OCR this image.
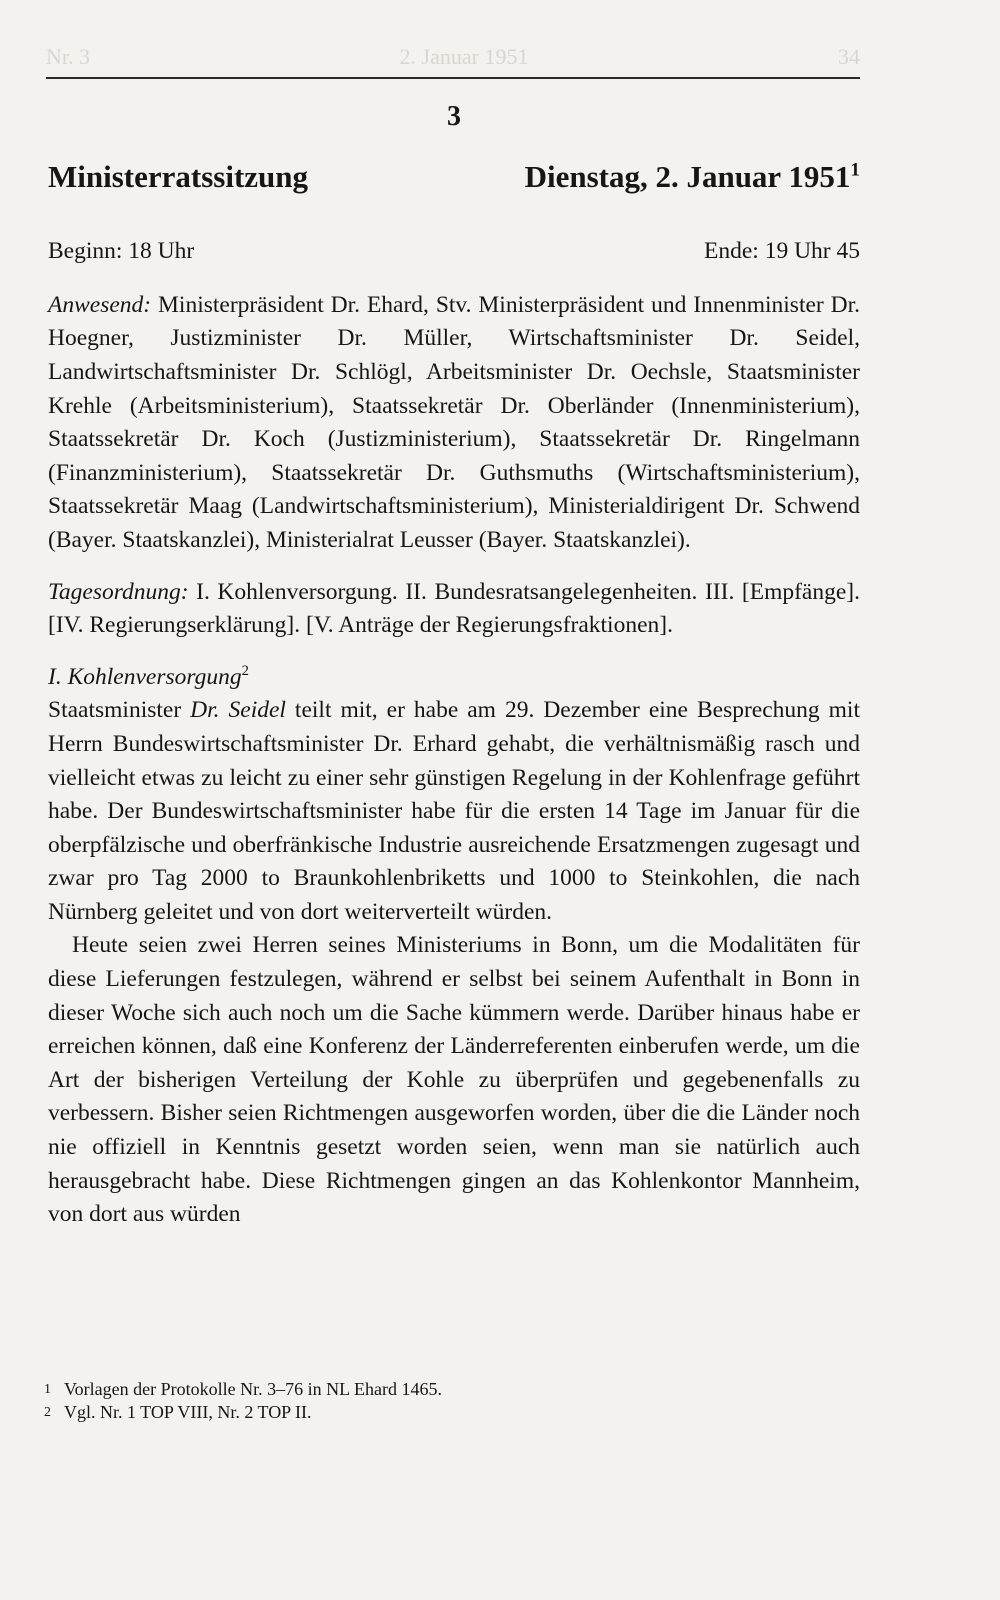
Nr. 3	2. Januar 1951	34
3
Ministerratssitzung	Dienstag, 2. Januar 1951$^1$
Beginn: 18 Uhr	Ende: 19 Uhr 45

Anwesend: Ministerpräsident Dr. Ehard, Stv. Ministerpräsident und Innenminister Dr. Hoegner, Justizminister Dr. Müller, Wirtschaftsminister Dr. Seidel, Landwirtschaftsminister Dr. Schlögl, Arbeitsminister Dr. Oechsle, Staatsminister Krehle (Arbeitsministerium), Staatssekretär Dr. Oberländer (Innenministerium), Staatssekretär Dr. Koch (Justizministerium), Staatssekretär Dr. Ringelmann (Finanzministerium), Staatssekretär Dr. Guthsmuths (Wirtschaftsministerium), Staatssekretär Maag (Landwirtschaftsministerium), Ministerialdirigent Dr. Schwend (Bayer. Staatskanzlei), Ministerialrat Leusser (Bayer. Staatskanzlei).

Tagesordnung: I. Kohlenversorgung. II. Bundesratsangelegenheiten. III. [Empfänge]. [IV. Regierungserklärung]. [V. Anträge der Regierungsfraktionen].

I. Kohlenversorgung$^2$

Staatsminister Dr. Seidel teilt mit, er habe am 29. Dezember eine Besprechung mit Herrn Bundeswirtschaftsminister Dr. Erhard gehabt, die verhältnismäßig rasch und vielleicht etwas zu leicht zu einer sehr günstigen Regelung in der Kohlenfrage geführt habe. Der Bundeswirtschaftsminister habe für die ersten 14 Tage im Januar für die oberpfälzische und oberfränkische Industrie ausreichende Ersatzmengen zugesagt und zwar pro Tag 2000 to Braunkohlenbriketts und 1000 to Steinkohlen, die nach Nürnberg geleitet und von dort weiterverteilt würden.

Heute seien zwei Herren seines Ministeriums in Bonn, um die Modalitäten für diese Lieferungen festzulegen, während er selbst bei seinem Aufenthalt in Bonn in dieser Woche sich auch noch um die Sache kümmern werde. Darüber hinaus habe er erreichen können, daß eine Konferenz der Länderreferenten einberufen werde, um die Art der bisherigen Verteilung der Kohle zu überprüfen und gegebenenfalls zu verbessern. Bisher seien Richtmengen ausgeworfen worden, über die die Länder noch nie offiziell in Kenntnis gesetzt worden seien, wenn man sie natürlich auch herausgebracht habe. Diese Richtmengen gingen an das Kohlenkontor Mannheim, von dort aus würden

1 Vorlagen der Protokolle Nr. 3–76 in NL Ehard 1465.
2 Vgl. Nr. 1 TOP VIII, Nr. 2 TOP II.
